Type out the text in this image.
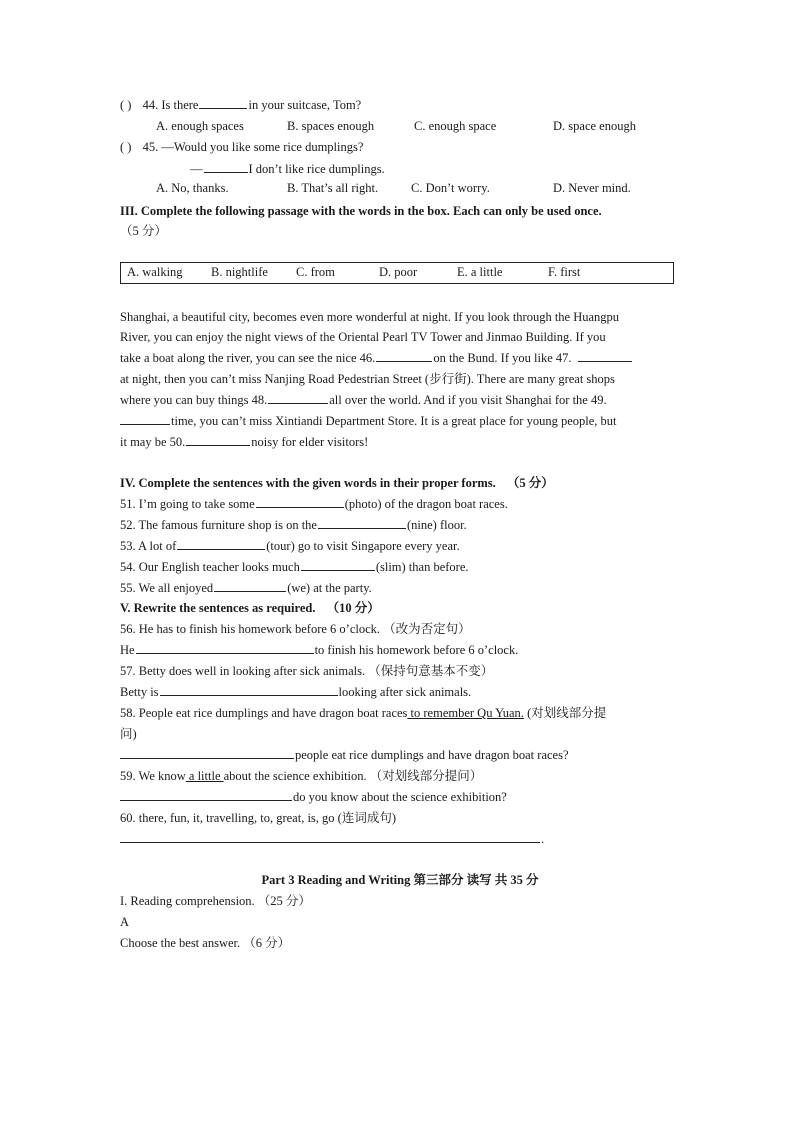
( ) 44. Is there	in your suitcase, Tom?
A. enough spaces	B. spaces enough	C. enough space	D. space enough
( ) 45. —Would you like some rice dumplings?
—	I don’t like rice dumplings.
A. No, thanks.	B. That’s all right.	C. Don’t worry.	D. Never mind.
III. Complete the following passage with the words in the box. Each can only be used once.
（5 分）
A. walking B. nightlife C. from	D. poor	E. a little	F. first
Shanghai, a beautiful city, becomes even more wonderful at night. If you look through the Huangpu
River, you can enjoy the night views of the Oriental Pearl TV Tower and Jinmao Building. If you
take a boat along the river, you can see the nice 46.	on the Bund. If you like 47.
at night, then you can’t miss Nanjing Road Pedestrian Street (步行街). There are many great shops
where you can buy things 48.	all over the world. And if you visit Shanghai for the 49.
time, you can’t miss Xintiandi Department Store. It is a great place for young people, but
it may be 50.	noisy for elder visitors!
IV. Complete the sentences with the given words in their proper forms. （5 分）
51. I’m going to take some	(photo) of the dragon boat races.
52. The famous furniture shop is on the	(nine) floor.
53. A lot of	(tour) go to visit Singapore every year.
54. Our English teacher looks much	(slim) than before.
55. We all enjoyed	(we) at the party.
V. Rewrite the sentences as required. （10 分）
56. He has to finish his homework before 6 o’clock. （改为否定句）
He	to finish his homework before 6 o’clock.
57. Betty does well in looking after sick animals. （保持句意基本不变）
Betty is	looking after sick animals.
58. People eat rice dumplings and have dragon boat races to remember Qu Yuan. (对划线部分提
问)
people eat rice dumplings and have dragon boat races?
59. We know a little about the science exhibition. （对划线部分提问）
do you know about the science exhibition?
60. there, fun, it, travelling, to, great, is, go (连词成句)
.
Part 3 Reading and Writing 第三部分 读写 共 35 分
I. Reading comprehension. （25 分）
A
Choose the best answer. （6 分）
